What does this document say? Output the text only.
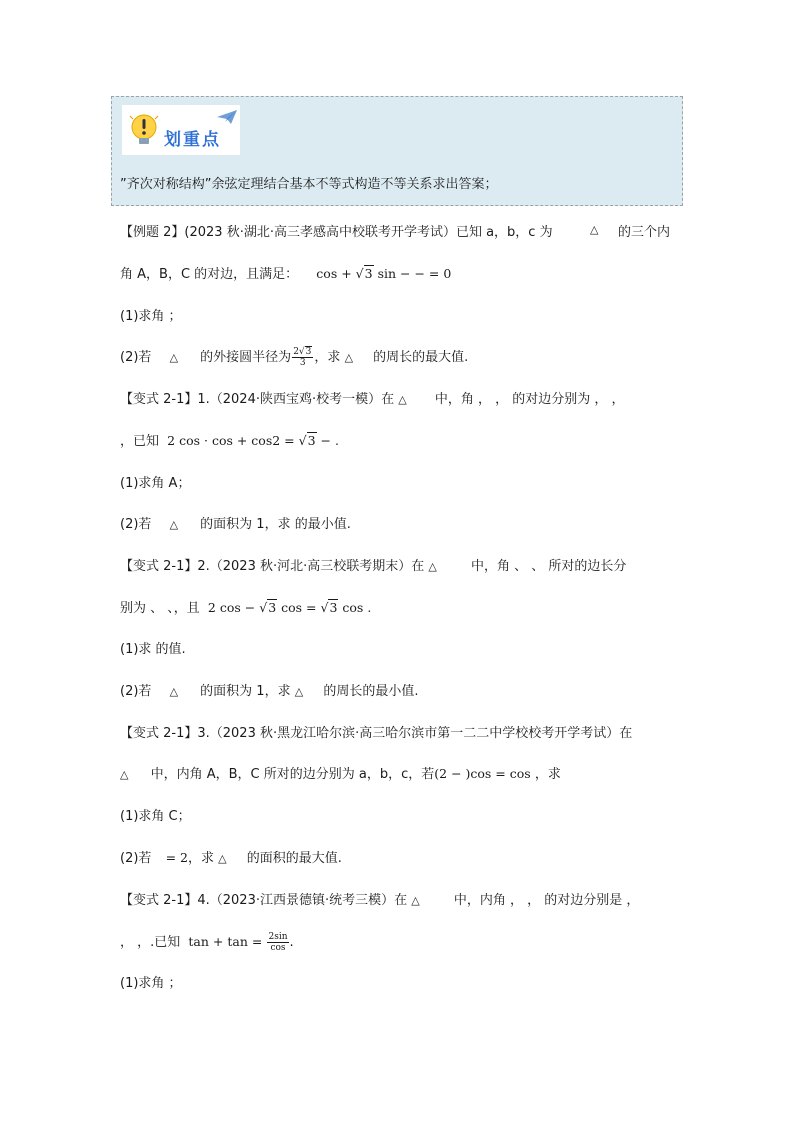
划重点
”齐次对称结构”余弦定理结合基本不等式构造不等关系求出答案；
【例题 2】(2023 秋·湖北·高三孝感高中校联考开学考试）已知 a，b，c 为	△ 的三个内
角 A，B，C 的对边，且满足： cos + √3 sin − − = 0
(1)求角 ；
(2)若 △ 的外接圆半径为 $\frac{2√3}{3}$ ，求 △ 的周长的最大值.
【变式 2-1】1.（2024·陕西宝鸡·校考一模）在 △ 中，角 ， ， 的对边分别为 ， ，
，已知 2 cos · cos + cos2 = √3 − .
(1)求角 A；
(2)若 △ 的面积为 1，求 的最小值.
【变式 2-1】2.（2023 秋·河北·高三校联考期末）在 △	中，角 、 、 所对的边长分
别为 、 、，且 2 cos − √3 cos = √3 cos .
(1)求 的值.
(2)若 △ 的面积为 1，求 △ 的周长的最小值.
【变式 2-1】3.（2023 秋·黑龙江哈尔滨·高三哈尔滨市第一二二中学校校考开学考试）在
△ 中，内角 A，B，C 所对的边分别为 a，b，c，若(2 − )cos = cos ，求
(1)求角 C；
(2)若 = 2，求 △ 的面积的最大值.
【变式 2-1】4.（2023·江西景德镇·统考三模）在 △	中，内角 ， ， 的对边分别是 ，
， ，.已知 $\tan + \tan = \frac{2\sin}{\cos}$ .
(1)求角 ；
